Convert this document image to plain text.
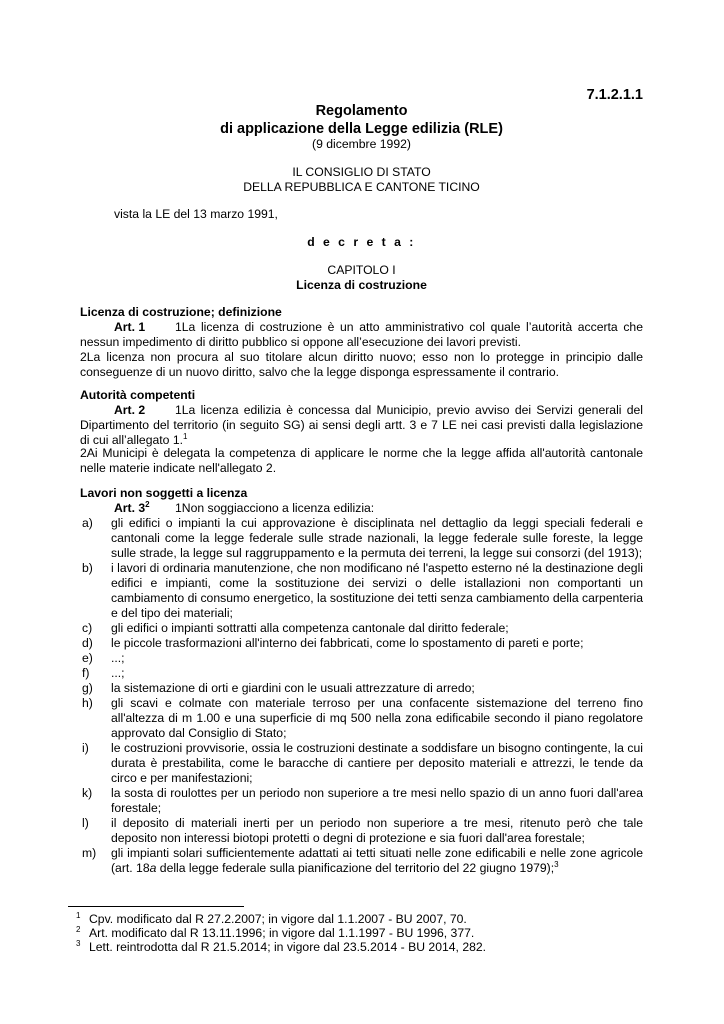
7.1.2.1.1
Regolamento
di applicazione della Legge edilizia (RLE)
(9 dicembre 1992)
IL CONSIGLIO DI STATO
DELLA REPUBBLICA E CANTONE TICINO
vista la LE del 13 marzo 1991,
d e c r e t a :
CAPITOLO I
Licenza di costruzione
Licenza di costruzione; definizione
Art. 1 1La licenza di costruzione è un atto amministrativo col quale l’autorità accerta che nessun impedimento di diritto pubblico si oppone all’esecuzione dei lavori previsti.
2La licenza non procura al suo titolare alcun diritto nuovo; esso non lo protegge in principio dalle conseguenze di un nuovo diritto, salvo che la legge disponga espressamente il contrario.
Autorità competenti
Art. 2 1La licenza edilizia è concessa dal Municipio, previo avviso dei Servizi generali del Dipartimento del territorio (in seguito SG) ai sensi degli artt. 3 e 7 LE nei casi previsti dalla legislazione di cui all’allegato 1.$^1$
2Ai Municipi è delegata la competenza di applicare le norme che la legge affida all'autorità cantonale nelle materie indicate nell'allegato 2.
Lavori non soggetti a licenza
Art. $3^2$ 1Non soggiacciono a licenza edilizia:
a) gli edifici o impianti la cui approvazione è disciplinata nel dettaglio da leggi speciali federali e cantonali come la legge federale sulle strade nazionali, la legge federale sulle foreste, la legge sulle strade, la legge sul raggruppamento e la permuta dei terreni, la legge sui consorzi (del 1913);
b) i lavori di ordinaria manutenzione, che non modificano né l'aspetto esterno né la destinazione degli edifici e impianti, come la sostituzione dei servizi o delle istallazioni non comportanti un cambiamento di consumo energetico, la sostituzione dei tetti senza cambiamento della carpenteria e del tipo dei materiali;
c) gli edifici o impianti sottratti alla competenza cantonale dal diritto federale;
d) le piccole trasformazioni all'interno dei fabbricati, come lo spostamento di pareti e porte;
e) ...;
f) ...;
g) la sistemazione di orti e giardini con le usuali attrezzature di arredo;
h) gli scavi e colmate con materiale terroso per una confacente sistemazione del terreno fino all'altezza di m 1.00 e una superficie di mq 500 nella zona edificabile secondo il piano regolatore approvato dal Consiglio di Stato;
i) le costruzioni provvisorie, ossia le costruzioni destinate a soddisfare un bisogno contingente, la cui durata è prestabilita, come le baracche di cantiere per deposito materiali e attrezzi, le tende da circo e per manifestazioni;
k) la sosta di roulottes per un periodo non superiore a tre mesi nello spazio di un anno fuori dall'area forestale;
l) il deposito di materiali inerti per un periodo non superiore a tre mesi, ritenuto però che tale deposito non interessi biotopi protetti o degni di protezione e sia fuori dall'area forestale;
m) gli impianti solari sufficientemente adattati ai tetti situati nelle zone edificabili e nelle zone agricole (art. 18a della legge federale sulla pianificazione del territorio del 22 giugno 1979);$^3$
$^1$ Cpv. modificato dal R 27.2.2007; in vigore dal 1.1.2007 - BU 2007, 70.
$^2$ Art. modificato dal R 13.11.1996; in vigore dal 1.1.1997 - BU 1996, 377.
$^3$ Lett. reintrodotta dal R 21.5.2014; in vigore dal 23.5.2014 - BU 2014, 282.
